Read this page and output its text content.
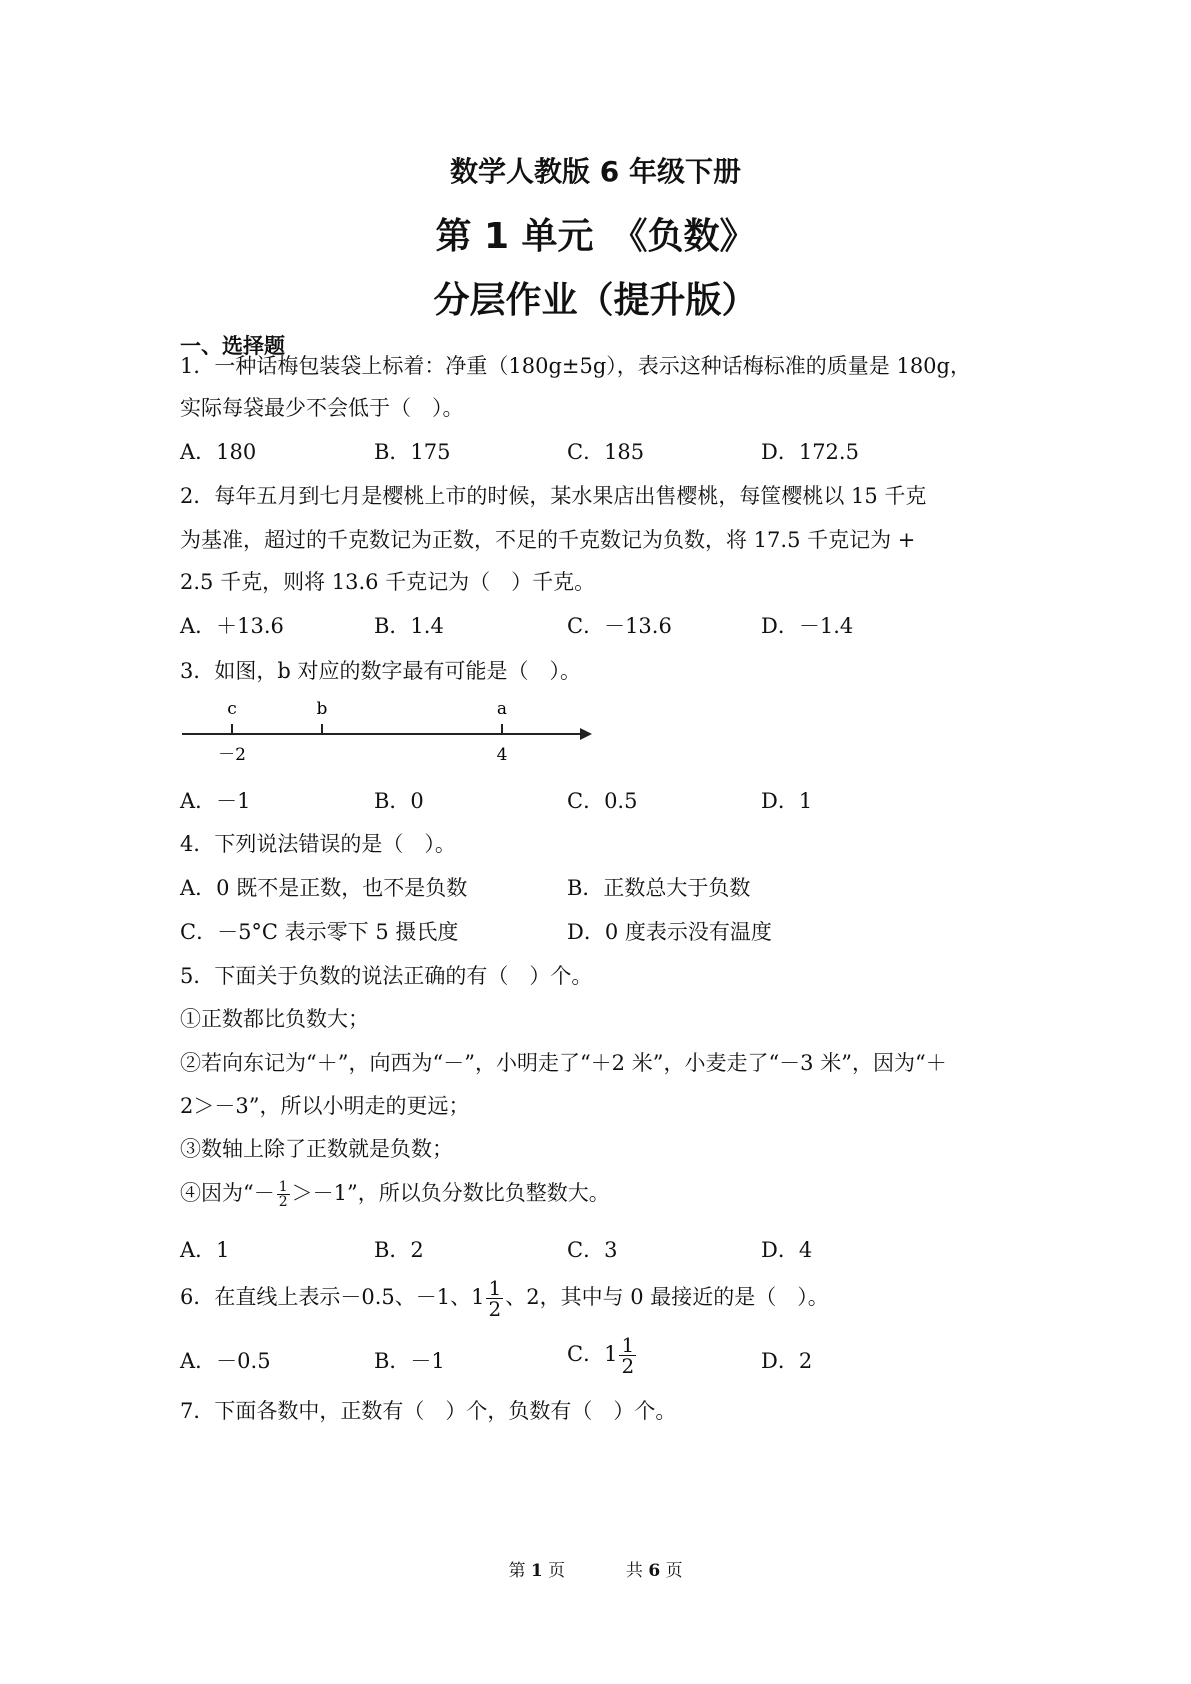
数学人教版 6 年级下册
第 1 单元　《负数》
分层作业（提升版）
一、选择题
1．一种话梅包装袋上标着：净重（180g±5g），表示这种话梅标准的质量是 180g，
实际每袋最少不会低于（　）。
A．180	B．175	C．185	D．172.5
2．每年五月到七月是樱桃上市的时候，某水果店出售樱桃，每筐樱桃以 15 千克
为基准，超过的千克数记为正数，不足的千克数记为负数，将 17.5 千克记为 +
2.5 千克，则将 13.6 千克记为（　）千克。
A．＋13.6	B．1.4	C．－13.6	D．－1.4
3．如图，b 对应的数字最有可能是（　）。
c	b	a
－2	4
A．－1	B．0	C．0.5	D．1
4．下列说法错误的是（　）。
A．0 既不是正数，也不是负数	B．正数总大于负数
C．－5°C 表示零下 5 摄氏度	D．0 度表示没有温度
5．下面关于负数的说法正确的有（　）个。
①正数都比负数大；
②若向东记为“＋”，向西为“－”，小明走了“＋2 米”，小麦走了“－3 米”，因为“＋
2＞－3”，所以小明走的更远；
③数轴上除了正数就是负数；
④因为“－ $\frac{1}{2} >-1$”，所以负分数比负整数大。
A．1	B．2	C．3	D．4
6．在直线上表示－0.5、－1、$1 \frac{1}{2}$ 、2，其中与 0 最接近的是（　）。
A．－0.5	B．－1	C．$1 \frac{1}{2}$	D．2
7．下面各数中，正数有（　）个，负数有（　）个。
第 1 页	共 6 页
